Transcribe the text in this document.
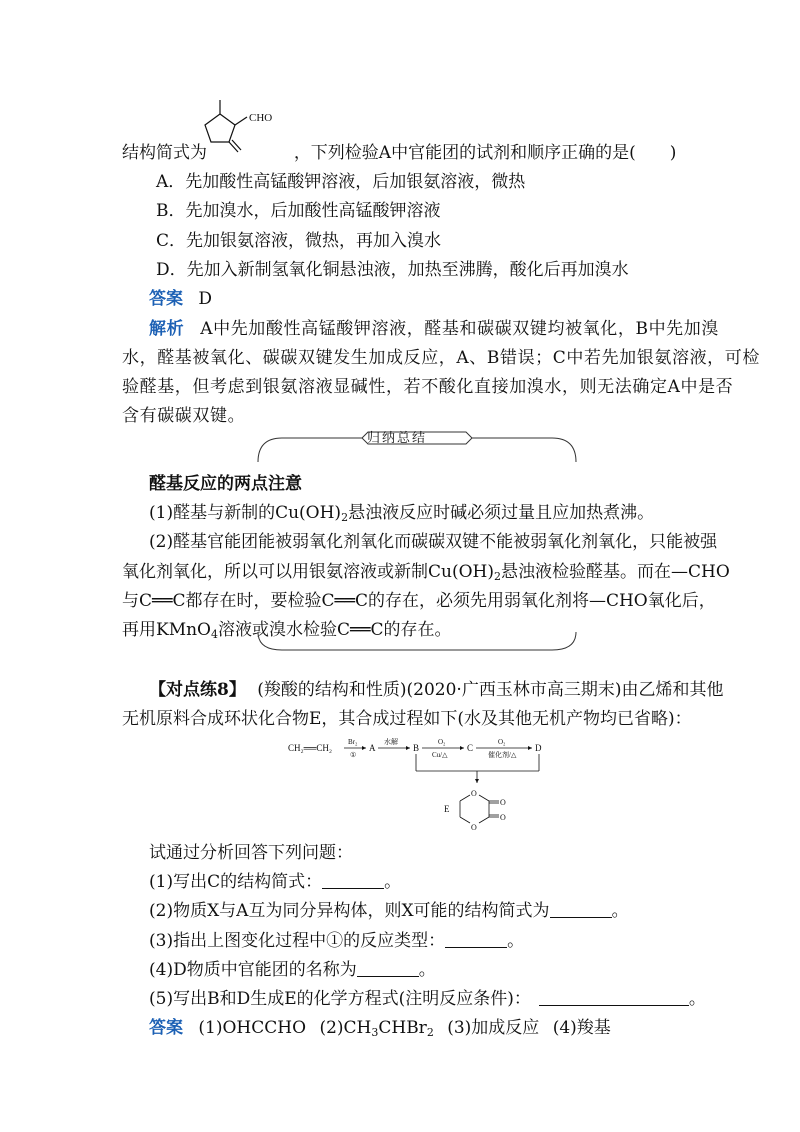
CHO
结构简式为	，下列检验A中官能团的试剂和顺序正确的是(　　)
A．先加酸性高锰酸钾溶液，后加银氨溶液，微热
B．先加溴水，后加酸性高锰酸钾溶液
C．先加银氨溶液，微热，再加入溴水
D．先加入新制氢氧化铜悬浊液，加热至沸腾，酸化后再加溴水
答案 D
解析 A中先加酸性高锰酸钾溶液，醛基和碳碳双键均被氧化，B中先加溴
水，醛基被氧化、碳碳双键发生加成反应，A、B错误；C中若先加银氨溶液，可检
验醛基，但考虑到银氨溶液显碱性，若不酸化直接加溴水，则无法确定A中是否
含有碳碳双键。
归纳总结
醛基反应的两点注意
(1)醛基与新制的$Cu(OH)_2$悬浊液反应时碱必须过量且应加热煮沸。
(2)醛基官能团能被弱氧化剂氧化而碳碳双键不能被弱氧化剂氧化，只能被强
氧化剂氧化，所以可以用银氨溶液或新制$Cu(OH)_2$悬浊液检验醛基。而在—CHO
与C══C都存在时，要检验C══C的存在，必须先用弱氧化剂将—CHO氧化后，
再用KMnO$_4$溶液或溴水检验C══C的存在。
【对点练8】 (羧酸的结构和性质)(2020·广西玉林市高三期末)由乙烯和其他
无机原料合成环状化合物E，其合成过程如下(水及其他无机产物均已省略)：
CH₂══CH₂
Br₂
①
A
水解
B
O₂
Cu/△
C
O₂
催化剂/△
D
E
O
O
O
O
试通过分析回答下列问题：
(1)写出C的结构简式：	。
(2)物质X与A互为同分异构体，则X可能的结构简式为	。
(3)指出上图变化过程中①的反应类型：	。
(4)D物质中官能团的名称为	。
(5)写出B和D生成E的化学方程式(注明反应条件)：	。
答案 (1)OHCCHO $(2)CH_3CHBr_2$ (3)加成反应 (4)羧基
